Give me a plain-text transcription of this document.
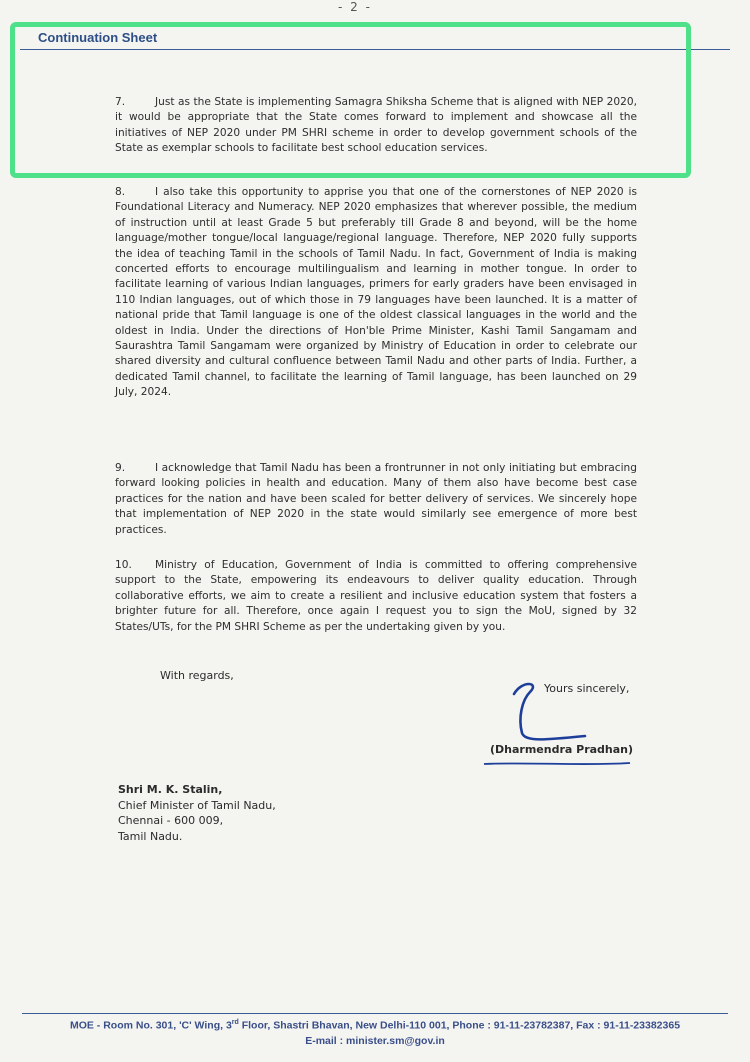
- 2 -
Continuation Sheet
7.	Just as the State is implementing Samagra Shiksha Scheme that is aligned with NEP 2020, it would be appropriate that the State comes forward to implement and showcase all the initiatives of NEP 2020 under PM SHRI scheme in order to develop government schools of the State as exemplar schools to facilitate best school education services.
8.	I also take this opportunity to apprise you that one of the cornerstones of NEP 2020 is Foundational Literacy and Numeracy. NEP 2020 emphasizes that wherever possible, the medium of instruction until at least Grade 5 but preferably till Grade 8 and beyond, will be the home language/mother tongue/local language/regional language. Therefore, NEP 2020 fully supports the idea of teaching Tamil in the schools of Tamil Nadu. In fact, Government of India is making concerted efforts to encourage multilingualism and learning in mother tongue. In order to facilitate learning of various Indian languages, primers for early graders have been envisaged in 110 Indian languages, out of which those in 79 languages have been launched. It is a matter of national pride that Tamil language is one of the oldest classical languages in the world and the oldest in India. Under the directions of Hon'ble Prime Minister, Kashi Tamil Sangamam and Saurashtra Tamil Sangamam were organized by Ministry of Education in order to celebrate our shared diversity and cultural confluence between Tamil Nadu and other parts of India. Further, a dedicated Tamil channel, to facilitate the learning of Tamil language, has been launched on 29 July, 2024.
9.	I acknowledge that Tamil Nadu has been a frontrunner in not only initiating but embracing forward looking policies in health and education. Many of them also have become best case practices for the nation and have been scaled for better delivery of services. We sincerely hope that implementation of NEP 2020 in the state would similarly see emergence of more best practices.
10. Ministry of Education, Government of India is committed to offering comprehensive support to the State, empowering its endeavours to deliver quality education. Through collaborative efforts, we aim to create a resilient and inclusive education system that fosters a brighter future for all. Therefore, once again I request you to sign the MoU, signed by 32 States/UTs, for the PM SHRI Scheme as per the undertaking given by you.
With regards,
Yours sincerely,
(Dharmendra Pradhan)
Shri M. K. Stalin,
Chief Minister of Tamil Nadu,
Chennai - 600 009,
Tamil Nadu.
MOE - Room No. 301, 'C' Wing, 3rd Floor, Shastri Bhavan, New Delhi-110 001, Phone : 91-11-23782387, Fax : 91-11-23382365
E-mail : minister.sm@gov.in
